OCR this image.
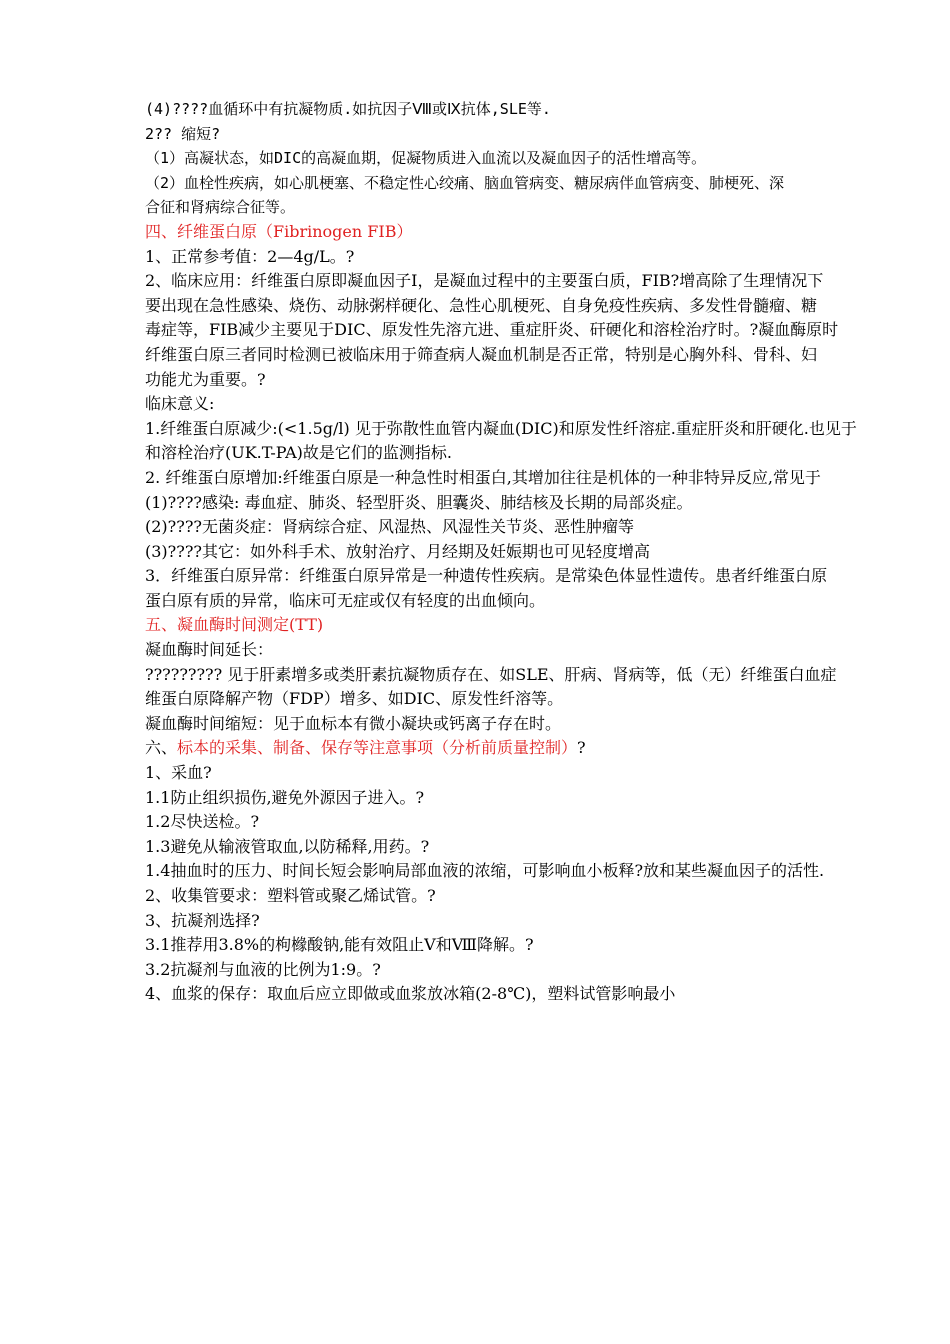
(4)????血循环中有抗凝物质.如抗因子Ⅷ或Ⅸ抗体,SLE等.
2?? 缩短?
（1）高凝状态，如DIC的高凝血期，促凝物质进入血流以及凝血因子的活性增高等。
（2）血栓性疾病，如心肌梗塞、不稳定性心绞痛、脑血管病变、糖尿病伴血管病变、肺梗死、深
合征和肾病综合征等。
四、纤维蛋白原（Fibrinogen FIB）
1、正常参考值：2—4g/L。?
2、临床应用：纤维蛋白原即凝血因子Ⅰ，是凝血过程中的主要蛋白质，FIB?增高除了生理情况下
要出现在急性感染、烧伤、动脉粥样硬化、急性心肌梗死、自身免疫性疾病、多发性骨髓瘤、糖
毒症等，FIB减少主要见于DIC、原发性先溶亢进、重症肝炎、矸硬化和溶栓治疗时。?凝血酶原时
纤维蛋白原三者同时检测已被临床用于筛查病人凝血机制是否正常，特别是心胸外科、骨科、妇
功能尤为重要。?
临床意义:
1.纤维蛋白原减少:(<1.5g/l) 见于弥散性血管内凝血(DIC)和原发性纤溶症.重症肝炎和肝硬化.也见于
和溶栓治疗(UK.T-PA)故是它们的监测指标.
2. 纤维蛋白原增加:纤维蛋白原是一种急性时相蛋白,其增加往往是机体的一种非特异反应,常见于
(1)????感染: 毒血症、肺炎、轻型肝炎、胆囊炎、肺结核及长期的局部炎症。
(2)????无菌炎症：肾病综合症、风湿热、风湿性关节炎、恶性肿瘤等
(3)????其它：如外科手术、放射治疗、月经期及妊娠期也可见轻度增高
3．纤维蛋白原异常：纤维蛋白原异常是一种遗传性疾病。是常染色体显性遗传。患者纤维蛋白原
蛋白原有质的异常，临床可无症或仅有轻度的出血倾向。
五、凝血酶时间测定(TT)
凝血酶时间延长：
????????? 见于肝素增多或类肝素抗凝物质存在、如SLE、肝病、肾病等，低（无）纤维蛋白血症
维蛋白原降解产物（FDP）增多、如DIC、原发性纤溶等。
凝血酶时间缩短：见于血标本有微小凝块或钙离子存在时。
六、标本的采集、制备、保存等注意事项（分析前质量控制）?
1、采血?
1.1防止组织损伤,避免外源因子进入。?
1.2尽快送检。?
1.3避免从输液管取血,以防稀释,用药。?
1.4抽血时的压力、时间长短会影响局部血液的浓缩，可影响血小板释?放和某些凝血因子的活性.
2、收集管要求：塑料管或聚乙烯试管。?
3、抗凝剂选择?
3.1推荐用3.8%的枸橼酸钠,能有效阻止Ⅴ和Ⅷ降解。?
3.2抗凝剂与血液的比例为1:9。?
4、血浆的保存：取血后应立即做或血浆放冰箱(2-8℃)，塑料试管影响最小
